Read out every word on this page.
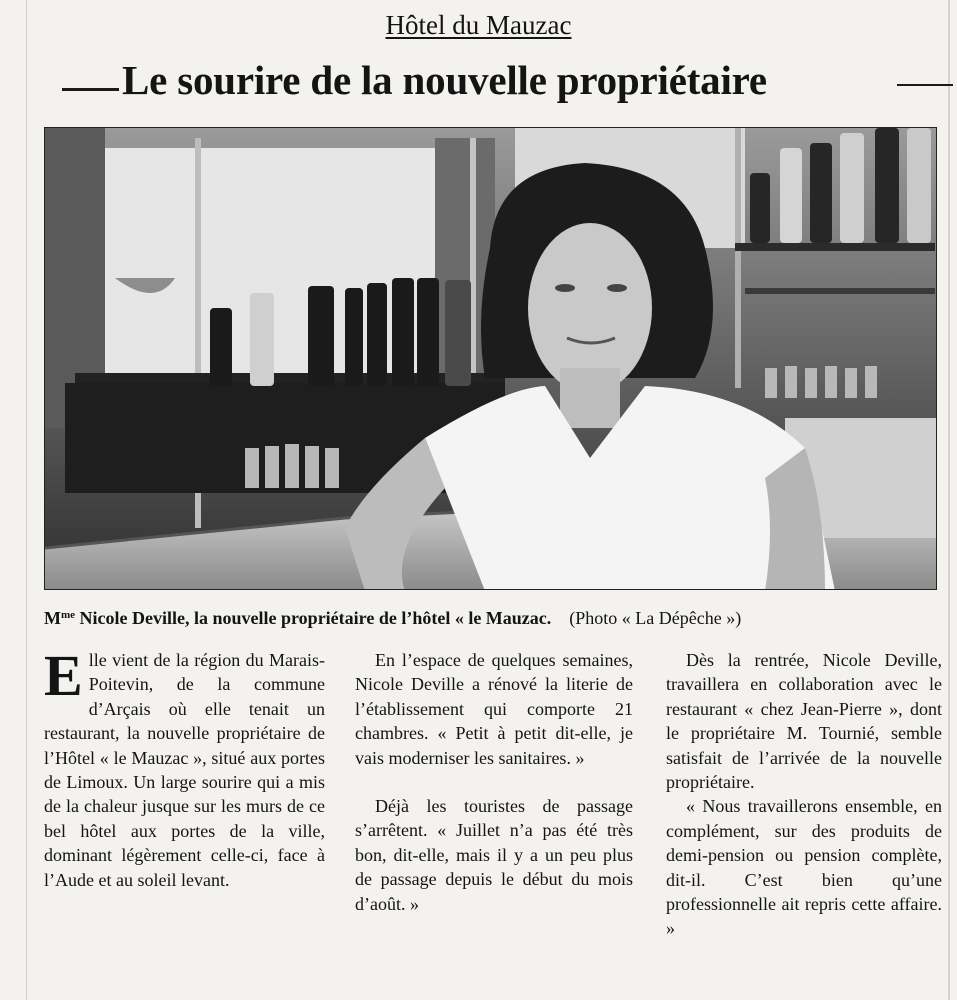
Hôtel du Mauzac
Le sourire de la nouvelle propriétaire
$M^{me}$ Nicole Deville, la nouvelle propriétaire de l’hôtel « le Mauzac. (Photo « La Dépêche »)

Elle vient de la région du Marais-Poitevin, de la commune d’Arçais où elle tenait un restaurant, la nouvelle propriétaire de l’Hôtel « le Mauzac », situé aux portes de Limoux. Un large sourire qui a mis de la chaleur jusque sur les murs de ce bel hôtel aux portes de la ville, dominant légèrement celle-ci, face à l’Aude et au soleil levant.

En l’espace de quelques semaines, Nicole Deville a rénové la literie de l’établissement qui comporte 21 chambres. « Petit à petit dit-elle, je vais moderniser les sanitaires. »

Déjà les touristes de passage s’arrêtent. « Juillet n’a pas été très bon, dit-elle, mais il y a un peu plus de passage depuis le début du mois d’août. »

Dès la rentrée, Nicole Deville, travaillera en collaboration avec le restaurant « chez Jean-Pierre », dont le propriétaire M. Tournié, semble satisfait de l’arrivée de la nouvelle propriétaire.

« Nous travaillerons ensemble, en complément, sur des produits de demi-pension ou pension complète, dit-il. C’est bien qu’une professionnelle ait repris cette affaire. »
